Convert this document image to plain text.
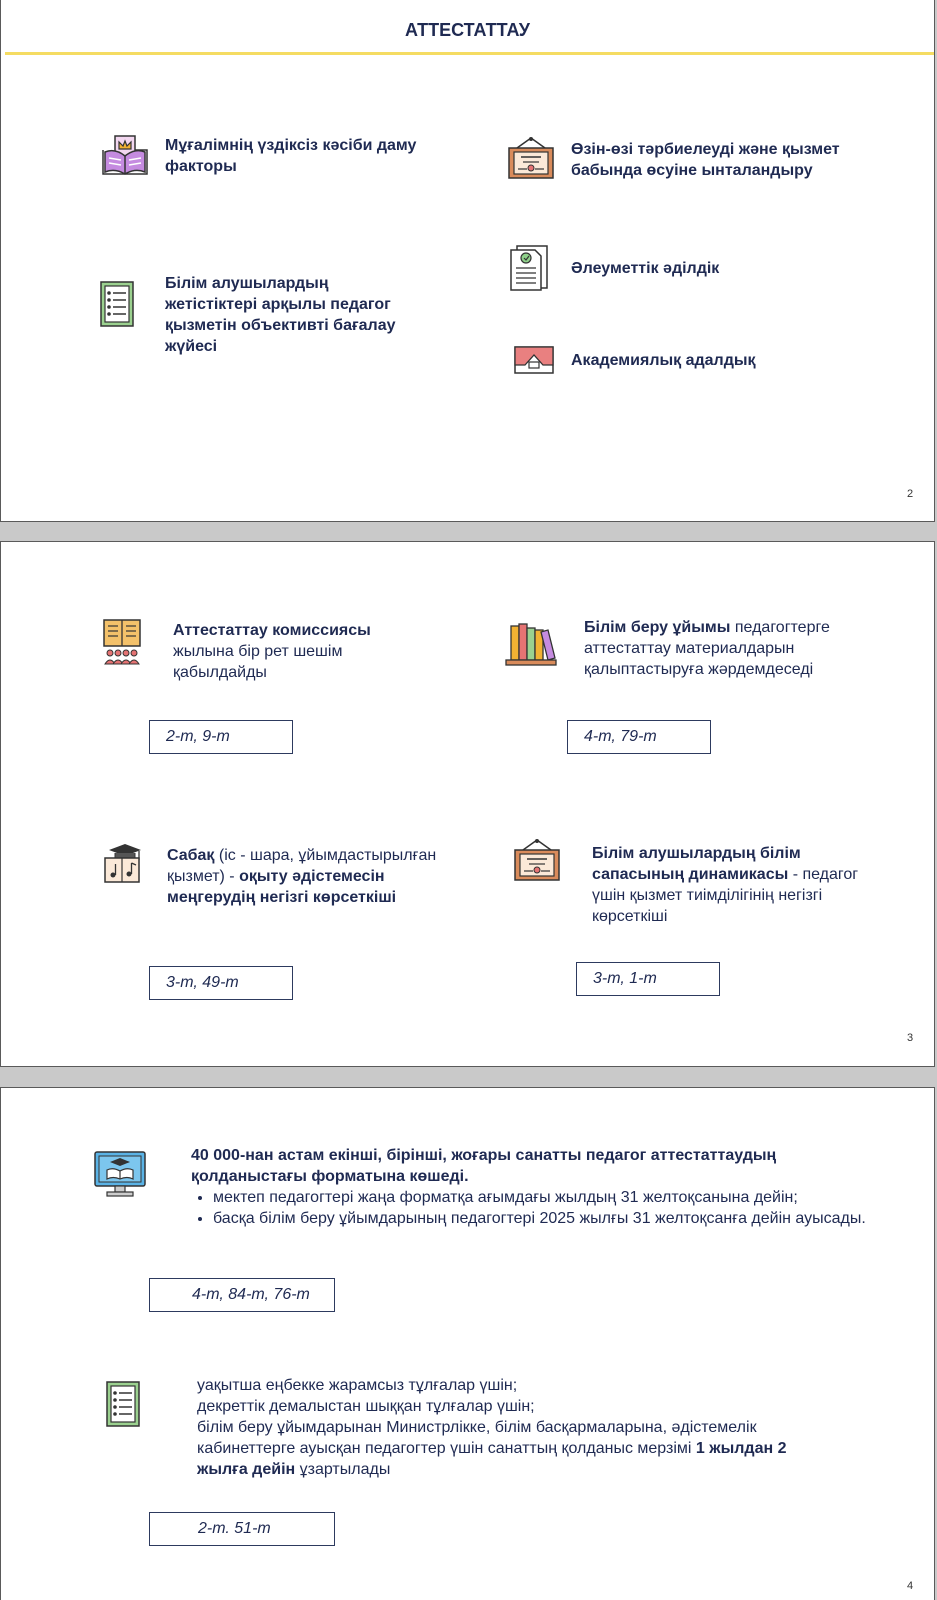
АТТЕСТАТТАУ
Мұғалімнің үздіксіз кәсіби даму факторы
Өзін-өзі тәрбиелеуді және қызмет бабында өсуіне ынталандыру
Білім алушылардың жетістіктері арқылы педагог қызметін объективті бағалау жүйесі
Әлеуметтік әділдік
Академиялық адалдық
2
Аттестаттау комиссиясы
жылына бір рет шешім қабылдайды
2-т, 9-т
Білім беру ұйымы педагогтерге аттестаттау материалдарын қалыптастыруға жәрдемдеседі
4-т, 79-т
Сабақ (іс - шара, ұйымдастырылған қызмет) - оқыту әдістемесін меңгерудің негізгі көрсеткіші
3-т, 49-т
Білім алушылардың білім сапасының динамикасы - педагог үшін қызмет тиімділігінің негізгі көрсеткіші
3-т, 1-т
3
40 000-нан астам екінші, бірінші, жоғары санатты педагог аттестаттаудың қолданыстағы форматына көшеді.
• мектеп педагогтері жаңа форматқа ағымдағы жылдың 31 желтоқсанына дейін;
• басқа білім беру ұйымдарының педагогтері 2025 жылғы 31 желтоқсанға дейін ауысады.
4-т, 84-т, 76-т
уақытша еңбекке жарамсыз тұлғалар үшін;
декреттік демалыстан шыққан тұлғалар үшін;
білім беру ұйымдарынан Министрлікке, білім басқармаларына, әдістемелік кабинеттерге ауысқан педагогтер үшін санаттың қолданыс мерзімі 1 жылдан 2 жылға дейін ұзартылады
2-т. 51-т
4
